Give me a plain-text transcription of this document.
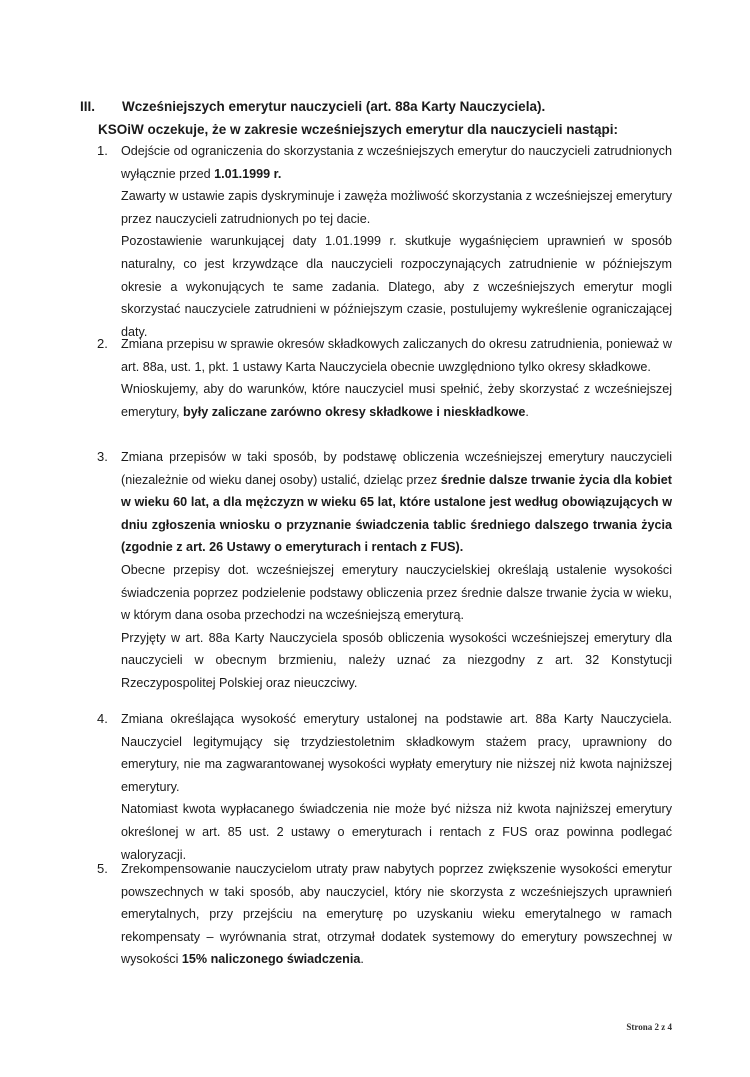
III. Wcześniejszych emerytur nauczycieli (art. 88a Karty Nauczyciela).
KSOiW oczekuje, że w zakresie wcześniejszych emerytur dla nauczycieli nastąpi:
1.	Odejście od ograniczenia do skorzystania z wcześniejszych emerytur do nauczycieli zatrudnionych wyłącznie przed 1.01.1999 r.

Zawarty w ustawie zapis dyskryminuje i zawęża możliwość skorzystania z wcześniejszej emerytury przez nauczycieli zatrudnionych po tej dacie.

Pozostawienie warunkującej daty 1.01.1999 r. skutkuje wygaśnięciem uprawnień w sposób naturalny, co jest krzywdzące dla nauczycieli rozpoczynających zatrudnienie w późniejszym okresie a wykonujących te same zadania. Dlatego, aby z wcześniejszych emerytur mogli skorzystać nauczyciele zatrudnieni w późniejszym czasie, postulujemy wykreślenie ograniczającej daty.

2.	Zmiana przepisu w sprawie okresów składkowych zaliczanych do okresu zatrudnienia, ponieważ w art. 88a, ust. 1, pkt. 1 ustawy Karta Nauczyciela obecnie uwzględniono tylko okresy składkowe.

Wnioskujemy, aby do warunków, które nauczyciel musi spełnić, żeby skorzystać z wcześniejszej emerytury, były zaliczane zarówno okresy składkowe i nieskładkowe.

3.	Zmiana przepisów w taki sposób, by podstawę obliczenia wcześniejszej emerytury nauczycieli (niezależnie od wieku danej osoby) ustalić, dzieląc przez średnie dalsze trwanie życia dla kobiet w wieku 60 lat, a dla mężczyzn w wieku 65 lat, które ustalone jest według obowiązujących w dniu zgłoszenia wniosku o przyznanie świadczenia tablic średniego dalszego trwania życia (zgodnie z art. 26 Ustawy o emeryturach i rentach z FUS).

Obecne przepisy dot. wcześniejszej emerytury nauczycielskiej określają ustalenie wysokości świadczenia poprzez podzielenie podstawy obliczenia przez średnie dalsze trwanie życia w wieku, w którym dana osoba przechodzi na wcześniejszą emeryturą.

Przyjęty w art. 88a Karty Nauczyciela sposób obliczenia wysokości wcześniejszej emerytury dla nauczycieli w obecnym brzmieniu, należy uznać za niezgodny z art. 32 Konstytucji Rzeczypospolitej Polskiej oraz nieuczciwy.

4.	Zmiana określająca wysokość emerytury ustalonej na podstawie art. 88a Karty Nauczyciela. Nauczyciel legitymujący się trzydziestoletnim składkowym stażem pracy, uprawniony do emerytury, nie ma zagwarantowanej wysokości wypłaty emerytury nie niższej niż kwota najniższej emerytury.

Natomiast kwota wypłacanego świadczenia nie może być niższa niż kwota najniższej emerytury określonej w art. 85 ust. 2 ustawy o emeryturach i rentach z FUS oraz powinna podlegać waloryzacji.

5.	Zrekompensowanie nauczycielom utraty praw nabytych poprzez zwiększenie wysokości emerytur powszechnych w taki sposób, aby nauczyciel, który nie skorzysta z wcześniejszych uprawnień emerytalnych, przy przejściu na emeryturę po uzyskaniu wieku emerytalnego w ramach rekompensaty – wyrównania strat, otrzymał dodatek systemowy do emerytury powszechnej w wysokości 15% naliczonego świadczenia.

Strona 2 z 4
